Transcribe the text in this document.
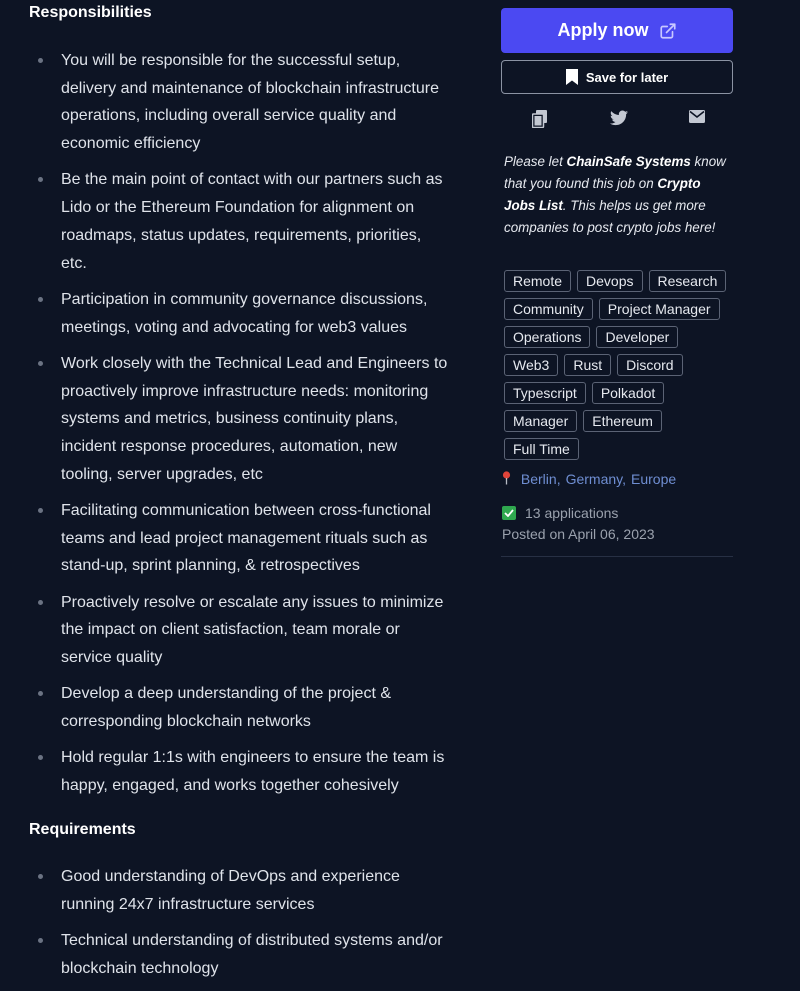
Responsibilities
You will be responsible for the successful setup, delivery and maintenance of blockchain infrastructure operations, including overall service quality and economic efficiency
Be the main point of contact with our partners such as Lido or the Ethereum Foundation for alignment on roadmaps, status updates, requirements, priorities, etc.
Participation in community governance discussions, meetings, voting and advocating for web3 values
Work closely with the Technical Lead and Engineers to proactively improve infrastructure needs: monitoring systems and metrics, business continuity plans, incident response procedures, automation, new tooling, server upgrades, etc
Facilitating communication between cross-functional teams and lead project management rituals such as stand-up, sprint planning, & retrospectives
Proactively resolve or escalate any issues to minimize the impact on client satisfaction, team morale or service quality
Develop a deep understanding of the project & corresponding blockchain networks
Hold regular 1:1s with engineers to ensure the team is happy, engaged, and works together cohesively
Requirements
Good understanding of DevOps and experience running 24x7 infrastructure services
Technical understanding of distributed systems and/or blockchain technology
Apply now
Save for later
Please let ChainSafe Systems know that you found this job on Crypto Jobs List. This helps us get more companies to post crypto jobs here!
Remote	Devops	Research
Community	Project Manager
Operations	Developer
Web3	Rust	Discord
Typescript	Polkadot
Manager	Ethereum
Full Time
Berlin, Germany, Europe
13 applications
Posted on April 06, 2023
